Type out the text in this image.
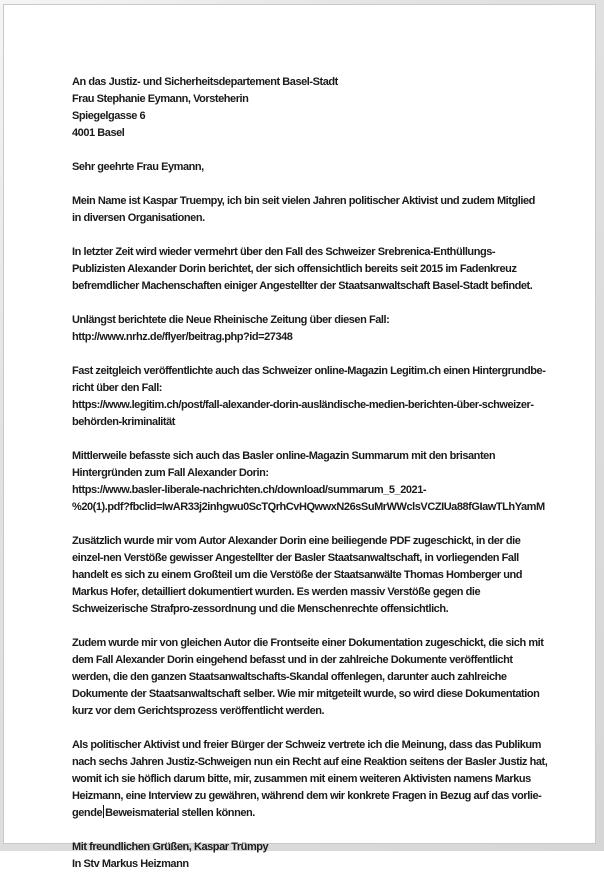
An das Justiz- und Sicherheitsdepartement Basel-Stadt
Frau Stephanie Eymann, Vorsteherin
Spiegelgasse 6
4001 Basel

Sehr geehrte Frau Eymann,

Mein Name ist Kaspar Truempy, ich bin seit vielen Jahren politischer Aktivist und zudem Mitglied
in diversen Organisationen.

In letzter Zeit wird wieder vermehrt über den Fall des Schweizer Srebrenica-Enthüllungs-
Publizisten Alexander Dorin berichtet, der sich offensichtlich bereits seit 2015 im Fadenkreuz
befremdlicher Machenschaften einiger Angestellter der Staatsanwaltschaft Basel-Stadt befindet.

Unlängst berichtete die Neue Rheinische Zeitung über diesen Fall:
http://www.nrhz.de/flyer/beitrag.php?id=27348

Fast zeitgleich veröffentlichte auch das Schweizer online-Magazin Legitim.ch einen Hintergrundbe-
richt über den Fall:
https://www.legitim.ch/post/fall-alexander-dorin-ausländische-medien-berichten-über-schweizer-
behörden-kriminalität

Mittlerweile befasste sich auch das Basler online-Magazin Summarum mit den brisanten
Hintergründen zum Fall Alexander Dorin:
https://www.basler-liberale-nachrichten.ch/download/summarum_5_2021-
%20(1).pdf?fbclid=IwAR33j2inhgwu0ScTQrhCvHQwwxN26sSuMrWWclsVCZIUa88fGIawTLhYamM

Zusätzlich wurde mir vom Autor Alexander Dorin eine beiliegende PDF zugeschickt, in der die
einzel-nen Verstöße gewisser Angestellter der Basler Staatsanwaltschaft, in vorliegenden Fall
handelt es sich zu einem Großteil um die Verstöße der Staatsanwälte Thomas Homberger und
Markus Hofer, detailliert dokumentiert wurden. Es werden massiv Verstöße gegen die
Schweizerische Strafpro-zessordnung und die Menschenrechte offensichtlich.

Zudem wurde mir von gleichen Autor die Frontseite einer Dokumentation zugeschickt, die sich mit
dem Fall Alexander Dorin eingehend befasst und in der zahlreiche Dokumente veröffentlicht
werden, die den ganzen Staatsanwaltschafts-Skandal offenlegen, darunter auch zahlreiche
Dokumente der Staatsanwaltschaft selber. Wie mir mitgeteilt wurde, so wird diese Dokumentation
kurz vor dem Gerichtsprozess veröffentlicht werden.

Als politischer Aktivist und freier Bürger der Schweiz vertrete ich die Meinung, dass das Publikum
nach sechs Jahren Justiz-Schweigen nun ein Recht auf eine Reaktion seitens der Basler Justiz hat,
womit ich sie höflich darum bitte, mir, zusammen mit einem weiteren Aktivisten namens Markus
Heizmann, eine Interview zu gewähren, während dem wir konkrete Fragen in Bezug auf das vorlie-
gende Beweismaterial stellen können.

Mit freundlichen Grüßen, Kaspar Trümpy
In Stv Markus Heizmann
